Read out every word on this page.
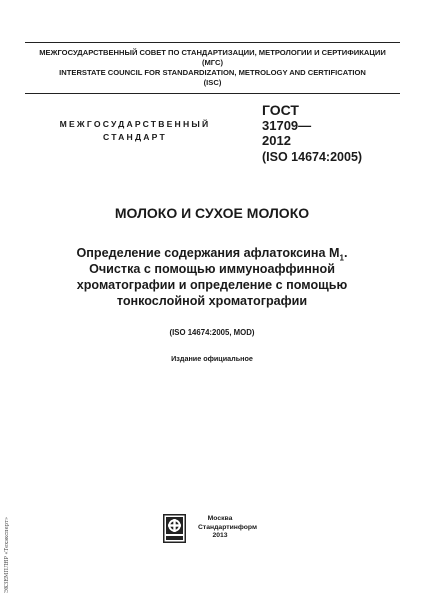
МЕЖГОСУДАРСТВЕННЫЙ СОВЕТ ПО СТАНДАРТИЗАЦИИ, МЕТРОЛОГИИ И СЕРТИФИКАЦИИ
(МГС)
INTERSTATE COUNCIL FOR STANDARDIZATION, METROLOGY AND CERTIFICATION
(ISC)
МЕЖГОСУДАРСТВЕННЫЙ
СТАНДАРТ
ГОСТ
31709—
2012
(ISO 14674:2005)
МОЛОКО И СУХОЕ МОЛОКО
Определение содержания афлатоксина $М_1$.
Очистка с помощью иммуноаффинной
хроматографии и определение с помощью
тонкослойной хроматографии
(ISO 14674:2005, MOD)
Издание официальное
Москва
Стандартинформ
2013
ЭКЗЕМПЛЯР «Техэксперт»
